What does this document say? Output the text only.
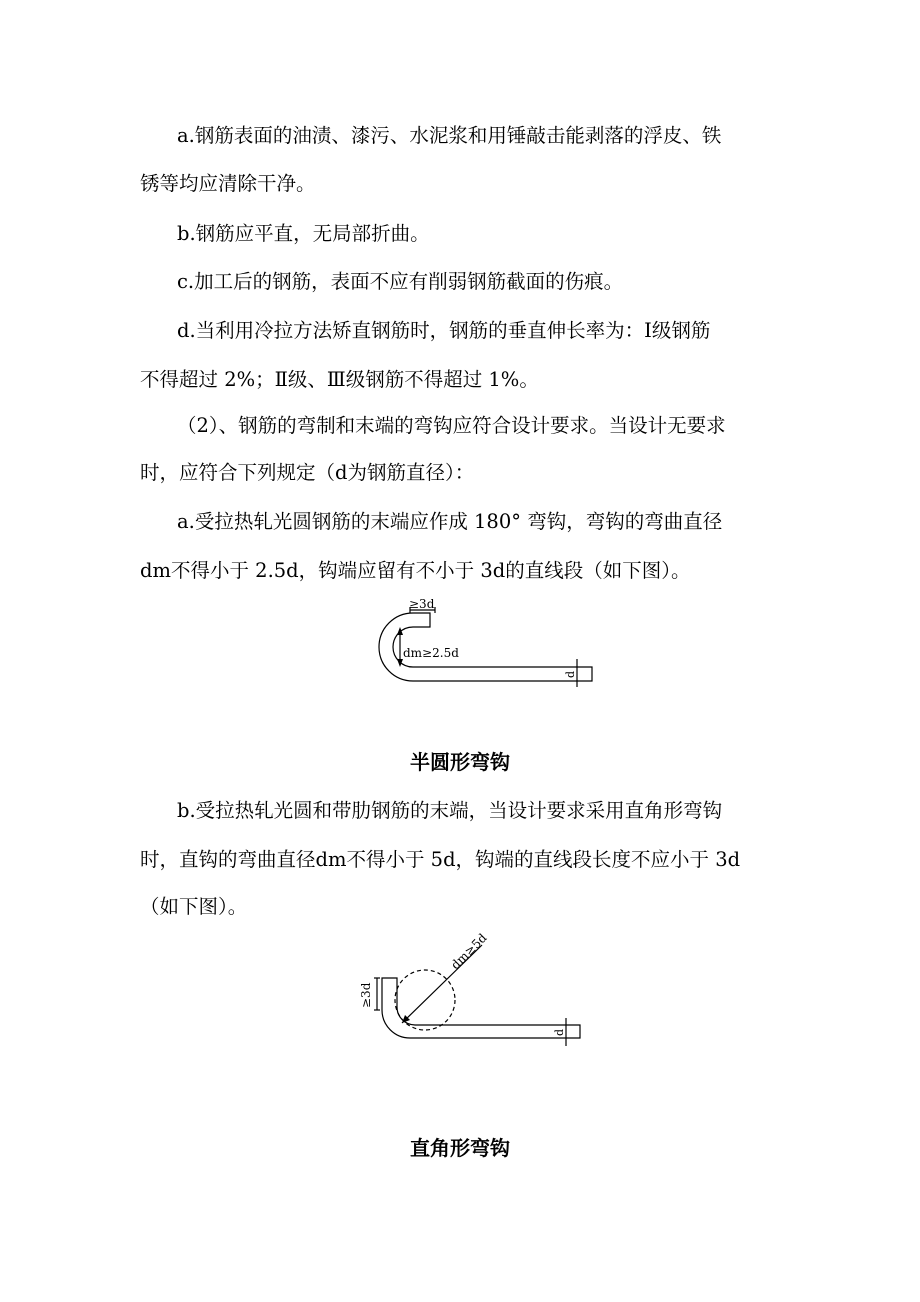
a.钢筋表面的油渍、漆污、水泥浆和用锤敲击能剥落的浮皮、铁
锈等均应清除干净。
b.钢筋应平直，无局部折曲。
c.加工后的钢筋，表面不应有削弱钢筋截面的伤痕。
d.当利用冷拉方法矫直钢筋时，钢筋的垂直伸长率为：Ⅰ级钢筋
不得超过 2%；Ⅱ级、Ⅲ级钢筋不得超过 1%。
（2）、钢筋的弯制和末端的弯钩应符合设计要求。当设计无要求
时，应符合下列规定（d为钢筋直径）：
a.受拉热轧光圆钢筋的末端应作成 180° 弯钩，弯钩的弯曲直径
dm不得小于 2.5d，钩端应留有不小于 3d的直线段（如下图）。
≥3d
dm≥2.5d
d
半圆形弯钩
b.受拉热轧光圆和带肋钢筋的末端，当设计要求采用直角形弯钩
时，直钩的弯曲直径dm不得小于 5d，钩端的直线段长度不应小于 3d
（如下图）。
≥3d
dm≥5d
d
直角形弯钩
